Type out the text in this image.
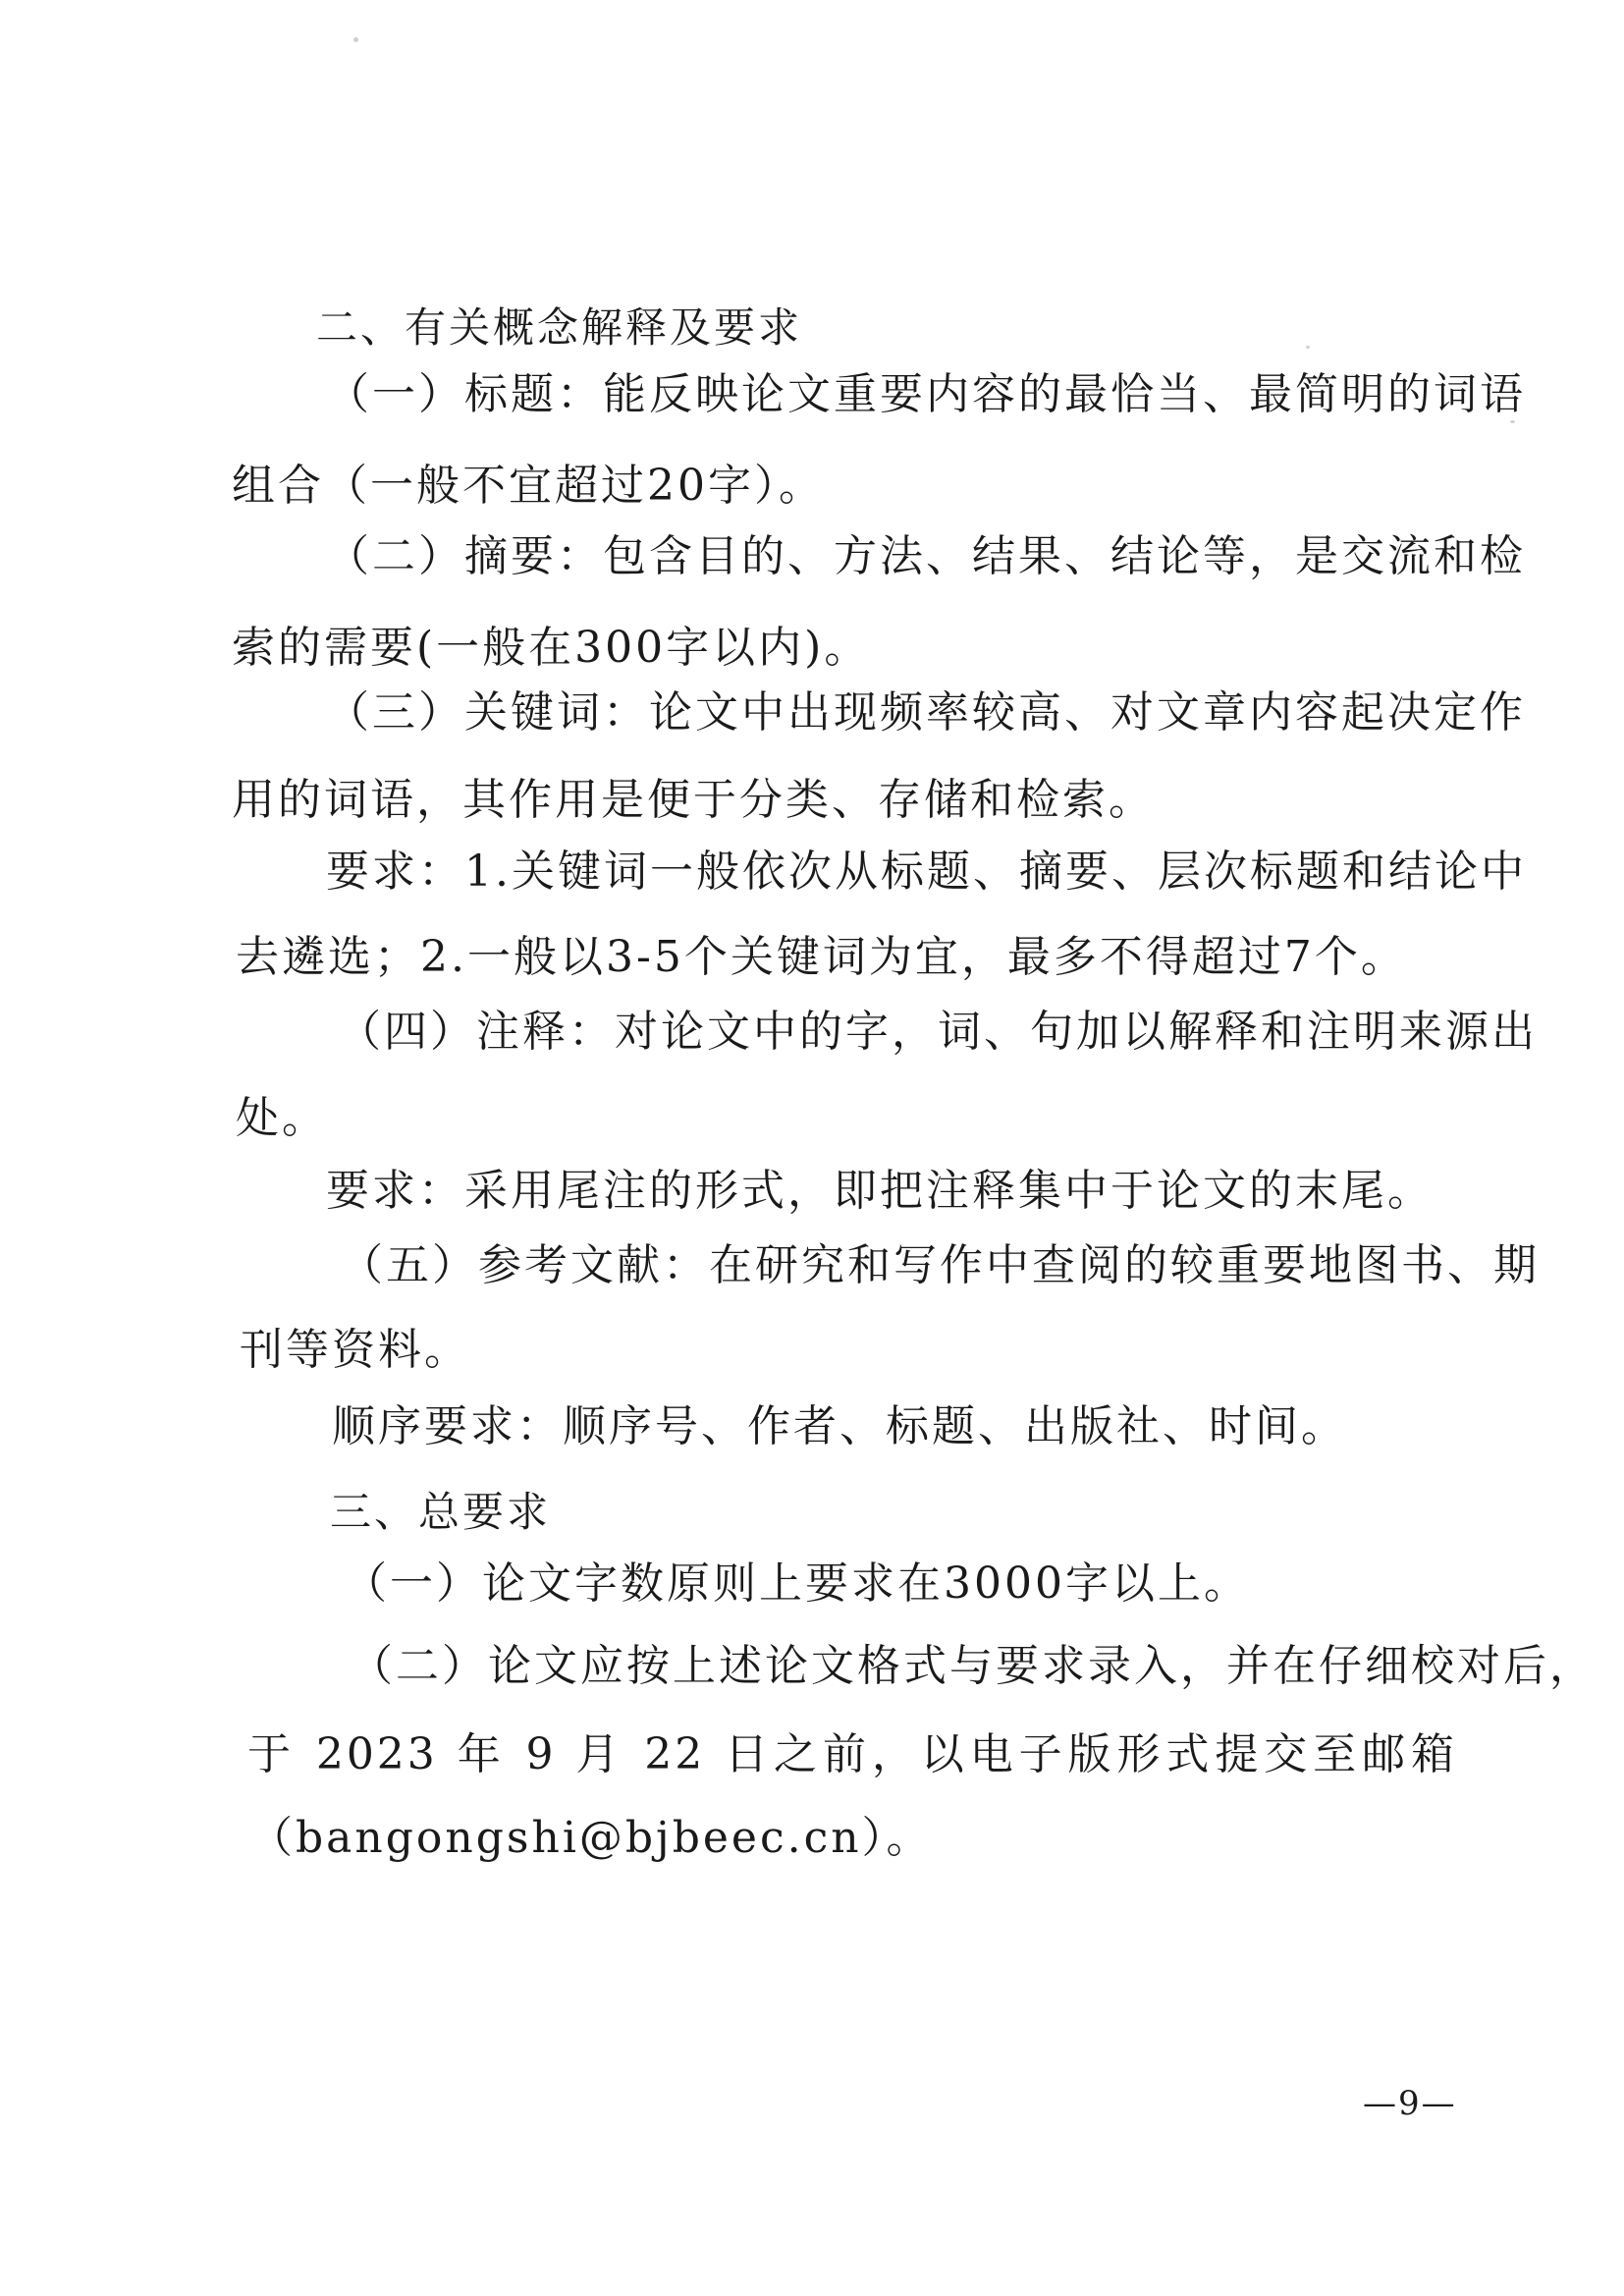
二、有关概念解释及要求
（一）标题：能反映论文重要内容的最恰当、最简明的词语
组合（一般不宜超过20字）。
（二）摘要：包含目的、方法、结果、结论等，是交流和检
索的需要(一般在300字以内)。
（三）关键词：论文中出现频率较高、对文章内容起决定作
用的词语，其作用是便于分类、存储和检索。
要求：1.关键词一般依次从标题、摘要、层次标题和结论中
去遴选；2.一般以3-5个关键词为宜，最多不得超过7个。
（四）注释：对论文中的字，词、句加以解释和注明来源出
处。
要求：采用尾注的形式，即把注释集中于论文的末尾。
（五）参考文献：在研究和写作中查阅的较重要地图书、期
刊等资料。
顺序要求：顺序号、作者、标题、出版社、时间。
三、总要求
（一）论文字数原则上要求在3000字以上。
（二）论文应按上述论文格式与要求录入，并在仔细校对后，
于 2023 年 9 月 22 日之前，以电子版形式提交至邮箱
（bangongshi@bjbeec.cn）。
—9—
